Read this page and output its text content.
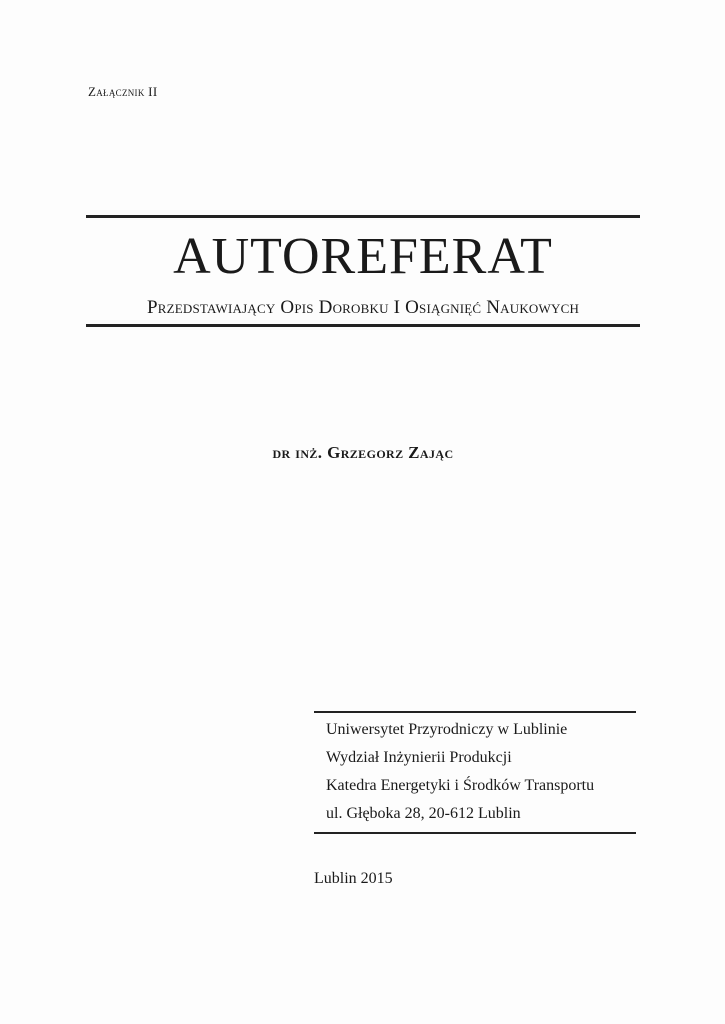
Załącznik II
AUTOREFERAT
Przedstawiający Opis Dorobku I Osiągnięć Naukowych
dr inż. Grzegorz Zając
Uniwersytet Przyrodniczy w Lublinie
Wydział Inżynierii Produkcji
Katedra Energetyki i Środków Transportu
ul. Głęboka 28, 20-612 Lublin
Lublin 2015
